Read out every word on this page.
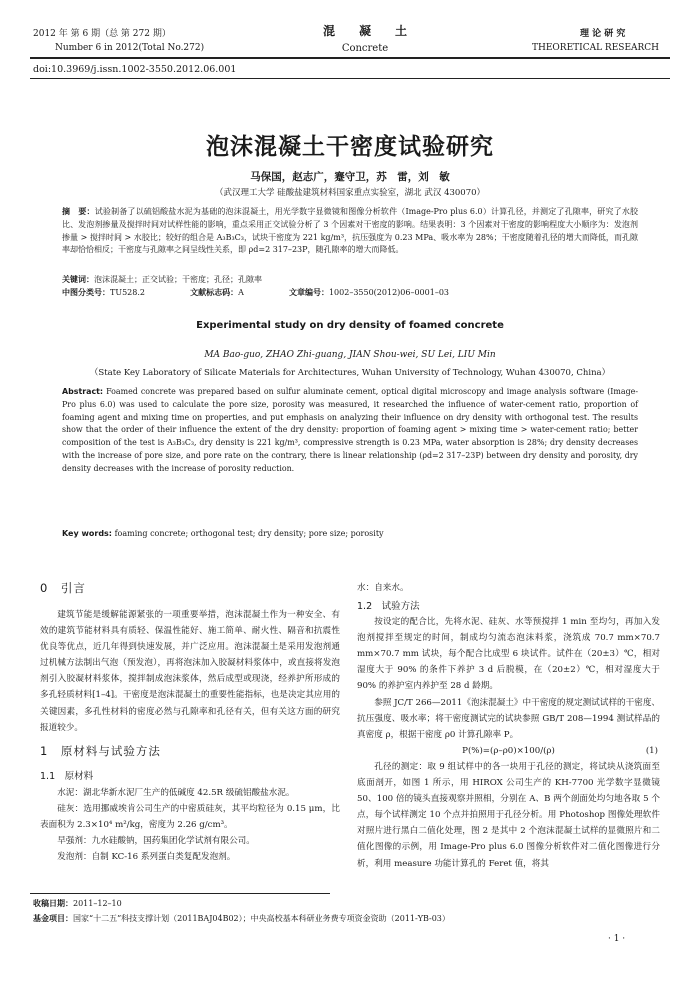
2012 年 第 6 期（总 第 272 期）
Number 6 in 2012(Total No.272)
混　　凝　　土
Concrete
理 论 研 究
THEORETICAL RESEARCH
doi:10.3969/j.issn.1002-3550.2012.06.001
泡沫混凝土干密度试验研究
马保国，赵志广，蹇守卫，苏　雷，刘　敏
（武汉理工大学 硅酸盐建筑材料国家重点实验室，湖北 武汉 430070）
摘　要：试验制备了以硫铝酸盐水泥为基础的泡沫混凝土，用光学数字显微镜和图像分析软件（Image-Pro plus 6.0）计算孔径，并测定了孔隙率，研究了水胶比、发泡剂掺量及搅拌时间对试样性能的影响，重点采用正交试验分析了 3 个因素对干密度的影响。结果表明：3 个因素对干密度的影响程度大小顺序为：发泡剂掺量 > 搅拌时间 > 水胶比；较好的组合是 A₃B₃C₃，试块干密度为 221 kg/m³，抗压强度为 0.23 MPa、吸水率为 28%；干密度随着孔径的增大而降低，而孔隙率却恰恰相反；干密度与孔隙率之间呈线性关系，即 ρd=2 317–23P，随孔隙率的增大而降低。
关键词：泡沫混凝土；正交试验；干密度；孔径；孔隙率
中图分类号：TU528.2	文献标志码：A	文章编号：1002–3550(2012)06–0001–03
Experimental study on dry density of foamed concrete
MA Bao-guo, ZHAO Zhi-guang, JIAN Shou-wei, SU Lei, LIU Min
（State Key Laboratory of Silicate Materials for Architectures, Wuhan University of Technology, Wuhan 430070, China）
Abstract: Foamed concrete was prepared based on sulfur aluminate cement, optical digital microscopy and image analysis software (Image-Pro plus 6.0) was used to calculate the pore size, porosity was measured, it researched the influence of water-cement ratio, proportion of foaming agent and mixing time on properties, and put emphasis on analyzing their influence on dry density with orthogonal test. The results show that the order of their influence the extent of the dry density: proportion of foaming agent > mixing time > water-cement ratio; better composition of the test is A₃B₃C₃, dry density is 221 kg/m³, compressive strength is 0.23 MPa, water absorption is 28%; dry density decreases with the increase of pore size, and pore rate on the contrary, there is linear relationship (ρd=2 317–23P) between dry density and porosity, dry density decreases with the increase of porosity reduction.
Key words: foaming concrete; orthogonal test; dry density; pore size; porosity
0　引言

建筑节能是缓解能源紧张的一项重要举措，泡沫混凝土作为一种安全、有效的建筑节能材料具有质轻、保温性能好、施工简单、耐火性、隔音和抗震性优良等优点，近几年得到快速发展，并广泛应用。泡沫混凝土是采用发泡剂通过机械方法制出气泡（预发泡），再将泡沫加入胶凝材料浆体中，或直接将发泡剂引入胶凝材料浆体，搅拌制成泡沫浆体，然后成型或现浇，经养护所形成的多孔轻质材料[1–4]。干密度是泡沫混凝土的重要性能指标，也是决定其应用的关键因素，多孔性材料的密度必然与孔隙率和孔径有关，但有关这方面的研究报道较少。

1　原材料与试验方法
1.1　原材料

水泥：湖北华新水泥厂生产的低碱度 42.5R 级硫铝酸盐水泥。

硅灰：选用挪威埃肯公司生产的中密质硅灰，其平均粒径为 0.15 μm，比表面积为 2.3×10⁴ m²/kg，密度为 2.26 g/cm³。

早强剂：九水硅酸钠，国药集团化学试剂有限公司。

发泡剂：自制 KC-16 系列蛋白类复配发泡剂。

水：自来水。
1.2　试验方法

按设定的配合比，先将水泥、硅灰、水等预搅拌 1 min 至均匀，再加入发泡剂搅拌至规定的时间，制成均匀流态泡沫料浆，浇筑成 70.7 mm×70.7 mm×70.7 mm 试块，每个配合比成型 6 块试件。试件在（20±3）℃，相对湿度大于 90% 的条件下养护 3 d 后脱模，在（20±2）℃，相对湿度大于 90% 的养护室内养护至 28 d 龄期。

参照 JC/T 266—2011《泡沫混凝土》中干密度的规定测试试样的干密度、抗压强度、吸水率；将干密度测试完的试块参照 GB/T 208—1994 测试样品的真密度 ρ，根据干密度 ρ0 计算孔隙率 P。

P(%)=(ρ–ρ0)×100/(ρ)	(1)

孔径的测定：取 9 组试样中的各一块用于孔径的测定，将试块从浇筑面至底面剖开，如图 1 所示，用 HIROX 公司生产的 KH-7700 光学数字显微镜 50、100 倍的镜头直接观察并照相，分别在 A、B 两个剖面处均匀地各取 5 个点，每个试样测定 10 个点并拍照用于孔径分析。用 Photoshop 图像处理软件对照片进行黑白二值化处理，图 2 是其中 2 个泡沫混凝土试样的显微照片和二值化图像的示例，用 Image-Pro plus 6.0 图像分析软件对二值化图像进行分析，利用 measure 功能计算孔的 Feret 值，将其

收稿日期：2011–12–10
基金项目：国家“十二五”科技支撑计划（2011BAJ04B02）；中央高校基本科研业务费专项资金资助（2011-YB-03）
· 1 ·
